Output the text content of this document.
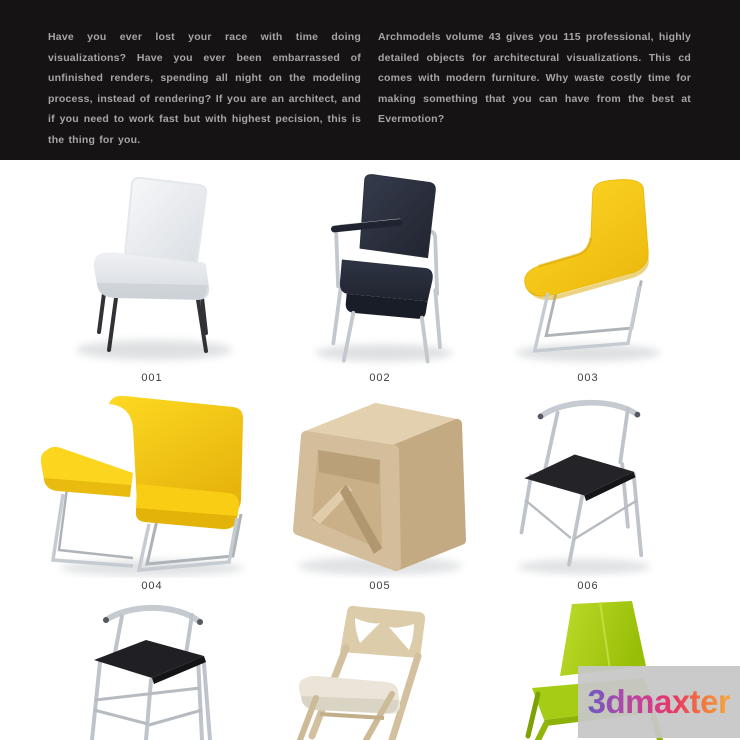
Have you ever lost your race with time doing visualizations? Have you ever been embarrassed of unfinished renders, spending all night on the modeling process, instead of rendering? If you are an architect, and if you need to work fast but with highest pecision, this is the thing for you.

Archmodels volume 43 gives you 115 professional, highly detailed objects for architectural visualizations. This cd comes with modern furniture. Why waste costly time for making something that you can have from the best at Evermotion?

001	002	003
004	005	006
3dmaxter
